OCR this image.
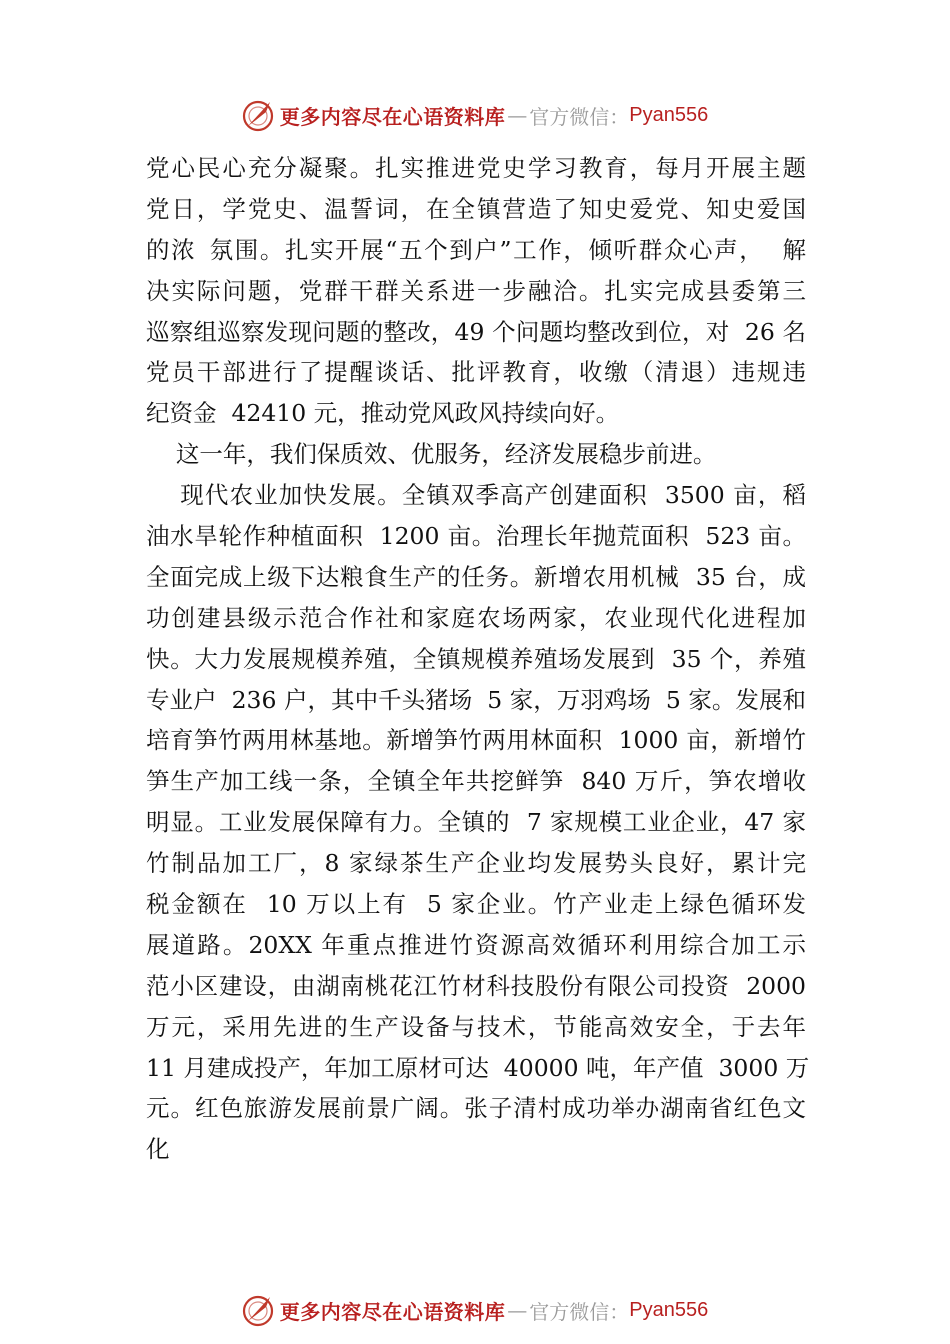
更多内容尽在心语资料库 — 官方微信： Pyan556
党心民心充分凝聚。扎实推进党史学习教育，每月开展主题
党日，学党史、温誓词，在全镇营造了知史爱党、知史爱国
的浓 氛围。扎实开展“五个到户”工作，倾听群众心声，  解
决实际问题，党群干群关系进一步融洽。扎实完成县委第三
巡察组巡察发现问题的整改，49 个问题均整改到位，对  26 名
党员干部进行了提醒谈话、批评教育，收缴（清退）违规违
纪资金  42410 元，推动党风政风持续向好。
这一年，我们保质效、优服务，经济发展稳步前进。
现代农业加快发展。全镇双季高产创建面积  3500 亩，稻
油水旱轮作种植面积  1200 亩。治理长年抛荒面积  523 亩。
全面完成上级下达粮食生产的任务。新增农用机械  35 台，成
功创建县级示范合作社和家庭农场两家，农业现代化进程加
快。大力发展规模养殖，全镇规模养殖场发展到  35 个，养殖
专业户  236 户，其中千头猪场  5 家，万羽鸡场  5 家。发展和
培育笋竹两用林基地。新增笋竹两用林面积  1000 亩，新增竹
笋生产加工线一条，全镇全年共挖鲜笋  840 万斤，笋农增收
明显。工业发展保障有力。全镇的  7 家规模工业企业，47 家
竹制品加工厂，8 家绿茶生产企业均发展势头良好，累计完
税金额在  10 万以上有  5 家企业。竹产业走上绿色循环发
展道路。20XX 年重点推进竹资源高效循环利用综合加工示
范小区建设，由湖南桃花江竹材科技股份有限公司投资  2000
万元，采用先进的生产设备与技术，节能高效安全，于去年
11 月建成投产，年加工原材可达  40000 吨，年产值  3000 万
元。红色旅游发展前景广阔。张子清村成功举办湖南省红色文
化
更多内容尽在心语资料库 — 官方微信： Pyan556
